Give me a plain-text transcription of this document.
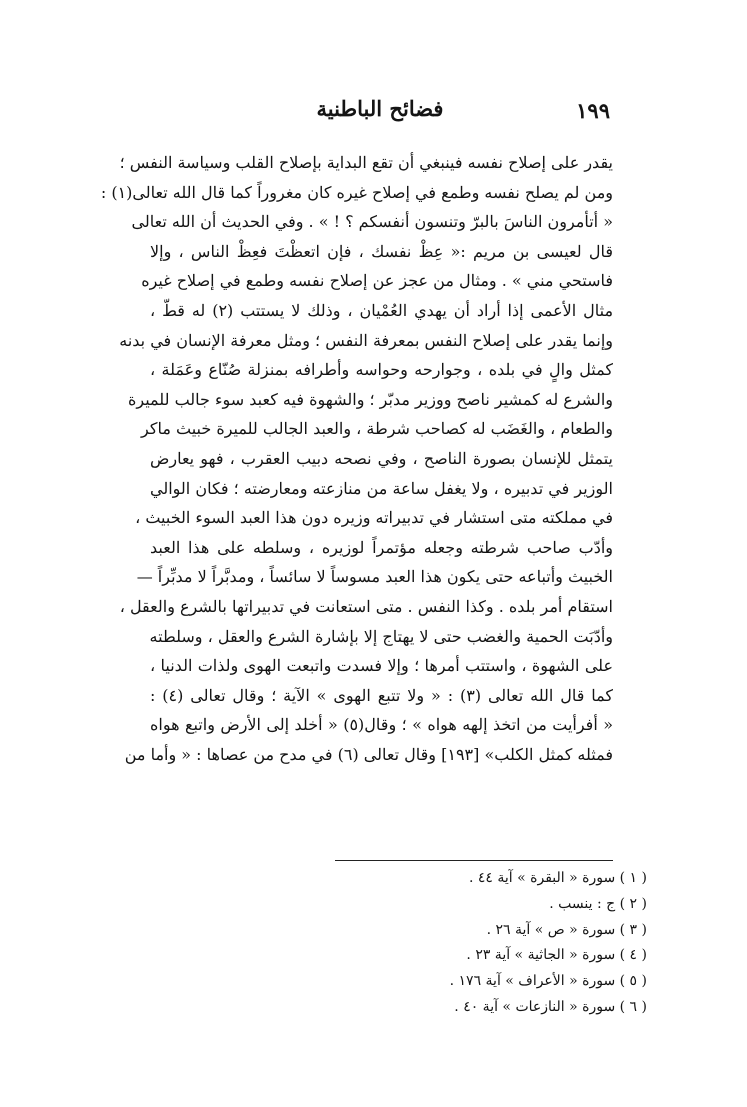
١٩٩
فضائح الباطنية
يقدر على إصلاح نفسه فينبغي أن تقع البداية بإصلاح القلب وسياسة النفس ؛
ومن لم يصلح نفسه وطمع في إصلاح غيره كان مغروراً كما قال الله تعالى(١) :
« أتأمرون الناسَ بالبرّ وتنسون أنفسكم ؟ ! » . وفي الحديث أن الله تعالى
قال لعيسى بن مريم :« عِظْ نفسك ، فإن اتعظْتَ فعِظْ الناس ، وإلا
فاستحي مني » . ومثال من عجز عن إصلاح نفسه وطمع في إصلاح غيره
مثال الأعمى إذا أراد أن يهدي العُمْيان ، وذلك لا يستتب (٢) له قطّ ،
وإنما يقدر على إصلاح النفس بمعرفة النفس ؛ ومثل معرفة الإنسان في بدنه
كمثل والٍ في بلده ، وجوارحه وحواسه وأطرافه بمنزلة صُنّاع وعَمَلة ،
والشرع له كمشير ناصح ووزير مدبّر ؛ والشهوة فيه كعبد سوء جالب للميرة
والطعام ، والغَضَب له كصاحب شرطة ، والعبد الجالب للميرة خبيث ماكر
يتمثل للإنسان بصورة الناصح ، وفي نصحه دبيب العقرب ، فهو يعارض
الوزير في تدبيره ، ولا يغفل ساعة من منازعته ومعارضته ؛ فكان الوالي
في مملكته متى استشار في تدبيراته وزيره دون هذا العبد السوء الخبيث ،
وأدّب صاحب شرطته وجعله مؤتمراً لوزيره ، وسلطه على هذا العبد
الخبيث وأتباعه حتى يكون هذا العبد مسوساً لا سائساً ، ومدبَّراً لا مدبِّراً —
استقام أمر بلده . وكذا النفس . متى استعانت في تدبيراتها بالشرع والعقل ،
وأدّبَت الحمية والغضب حتى لا يهتاج إلا بإشارة الشرع والعقل ، وسلطته
على الشهوة ، واستتب أمرها ؛ وإلا فسدت واتبعت الهوى ولذات الدنيا ،
كما قال الله تعالى (٣) : « ولا تتبع الهوى » الآية ؛ وقال تعالى (٤) :
« أفرأيت من اتخذ إلهه هواه » ؛ وقال(٥) « أخلد إلى الأرض واتبع هواه
فمثله كمثل الكلب» [١٩٣] وقال تعالى (٦) في مدح من عصاها : « وأما من
( ١ ) سورة « البقرة » آية ٤٤ .
( ٢ ) ج : ينسب .
( ٣ ) سورة « ص » آية ٢٦ .
( ٤ ) سورة « الجاثية » آية ٢٣ .
( ٥ ) سورة « الأعراف » آية ١٧٦ .
( ٦ ) سورة « النازعات » آية ٤٠ .
